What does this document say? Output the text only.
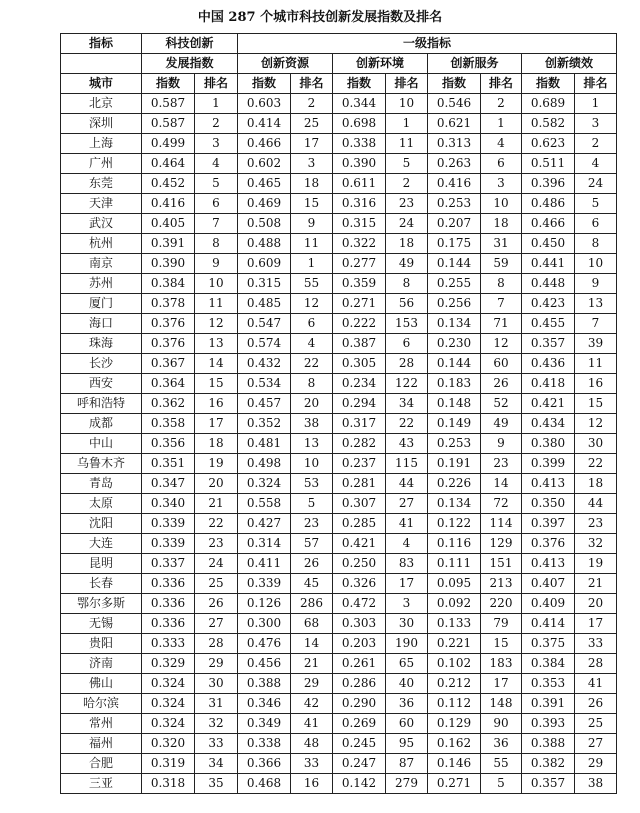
中国 287 个城市科技创新发展指数及排名
指标	科技创新		一级指标							
	发展指数		创新资源		创新环境		创新服务		创新绩效	
城市	指数	排名	指数	排名	指数	排名	指数	排名	指数	排名
北京	0.587	1	0.603	2	0.344	10	0.546	2	0.689	1
深圳	0.587	2	0.414	25	0.698	1	0.621	1	0.582	3
上海	0.499	3	0.466	17	0.338	11	0.313	4	0.623	2
广州	0.464	4	0.602	3	0.390	5	0.263	6	0.511	4
东莞	0.452	5	0.465	18	0.611	2	0.416	3	0.396	24
天津	0.416	6	0.469	15	0.316	23	0.253	10	0.486	5
武汉	0.405	7	0.508	9	0.315	24	0.207	18	0.466	6
杭州	0.391	8	0.488	11	0.322	18	0.175	31	0.450	8
南京	0.390	9	0.609	1	0.277	49	0.144	59	0.441	10
苏州	0.384	10	0.315	55	0.359	8	0.255	8	0.448	9
厦门	0.378	11	0.485	12	0.271	56	0.256	7	0.423	13
海口	0.376	12	0.547	6	0.222	153	0.134	71	0.455	7
珠海	0.376	13	0.574	4	0.387	6	0.230	12	0.357	39
长沙	0.367	14	0.432	22	0.305	28	0.144	60	0.436	11
西安	0.364	15	0.534	8	0.234	122	0.183	26	0.418	16
呼和浩特	0.362	16	0.457	20	0.294	34	0.148	52	0.421	15
成都	0.358	17	0.352	38	0.317	22	0.149	49	0.434	12
中山	0.356	18	0.481	13	0.282	43	0.253	9	0.380	30
乌鲁木齐	0.351	19	0.498	10	0.237	115	0.191	23	0.399	22
青岛	0.347	20	0.324	53	0.281	44	0.226	14	0.413	18
太原	0.340	21	0.558	5	0.307	27	0.134	72	0.350	44
沈阳	0.339	22	0.427	23	0.285	41	0.122	114	0.397	23
大连	0.339	23	0.314	57	0.421	4	0.116	129	0.376	32
昆明	0.337	24	0.411	26	0.250	83	0.111	151	0.413	19
长春	0.336	25	0.339	45	0.326	17	0.095	213	0.407	21
鄂尔多斯	0.336	26	0.126	286	0.472	3	0.092	220	0.409	20
无锡	0.336	27	0.300	68	0.303	30	0.133	79	0.414	17
贵阳	0.333	28	0.476	14	0.203	190	0.221	15	0.375	33
济南	0.329	29	0.456	21	0.261	65	0.102	183	0.384	28
佛山	0.324	30	0.388	29	0.286	40	0.212	17	0.353	41
哈尔滨	0.324	31	0.346	42	0.290	36	0.112	148	0.391	26
常州	0.324	32	0.349	41	0.269	60	0.129	90	0.393	25
福州	0.320	33	0.338	48	0.245	95	0.162	36	0.388	27
合肥	0.319	34	0.366	33	0.247	87	0.146	55	0.382	29
三亚	0.318	35	0.468	16	0.142	279	0.271	5	0.357	38
